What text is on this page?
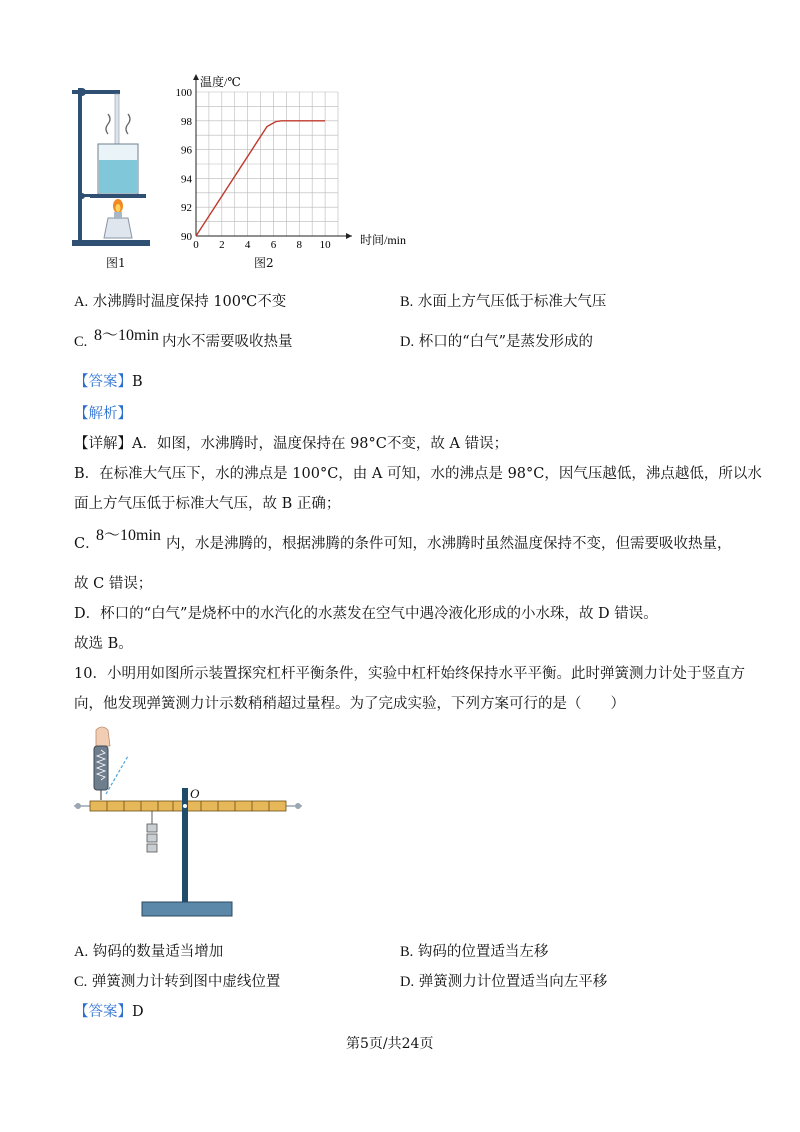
图1
0 2 4 6 8 10
90
92
94
96
98
100
温度/℃
时间/min
图2
A. 水沸腾时温度保持 100℃不变	B. 水面上方气压低于标准大气压
C. 8～10min 内水不需要吸收热量	D. 杯口的“白气”是蒸发形成的
【答案】B
【解析】
【详解】A．如图，水沸腾时，温度保持在 98°C不变，故 A 错误；
B．在标准大气压下，水的沸点是 100°C，由 A 可知，水的沸点是 98°C，因气压越低，沸点越低，所以水
面上方气压低于标准大气压，故 B 正确；
C．
8～10min 内，水是沸腾的，根据沸腾的条件可知，水沸腾时虽然温度保持不变，但需要吸收热量，
故 C 错误；
D．杯口的“白气”是烧杯中的水汽化的水蒸发在空气中遇冷液化形成的小水珠，故 D 错误。
故选 B。
10．小明用如图所示装置探究杠杆平衡条件，实验中杠杆始终保持水平平衡。此时弹簧测力计处于竖直方
向，他发现弹簧测力计示数稍稍超过量程。为了完成实验，下列方案可行的是（　　）
O
A. 钩码的数量适当增加	B. 钩码的位置适当左移
C. 弹簧测力计转到图中虚线位置	D. 弹簧测力计位置适当向左平移
【答案】D
第5页/共24页
